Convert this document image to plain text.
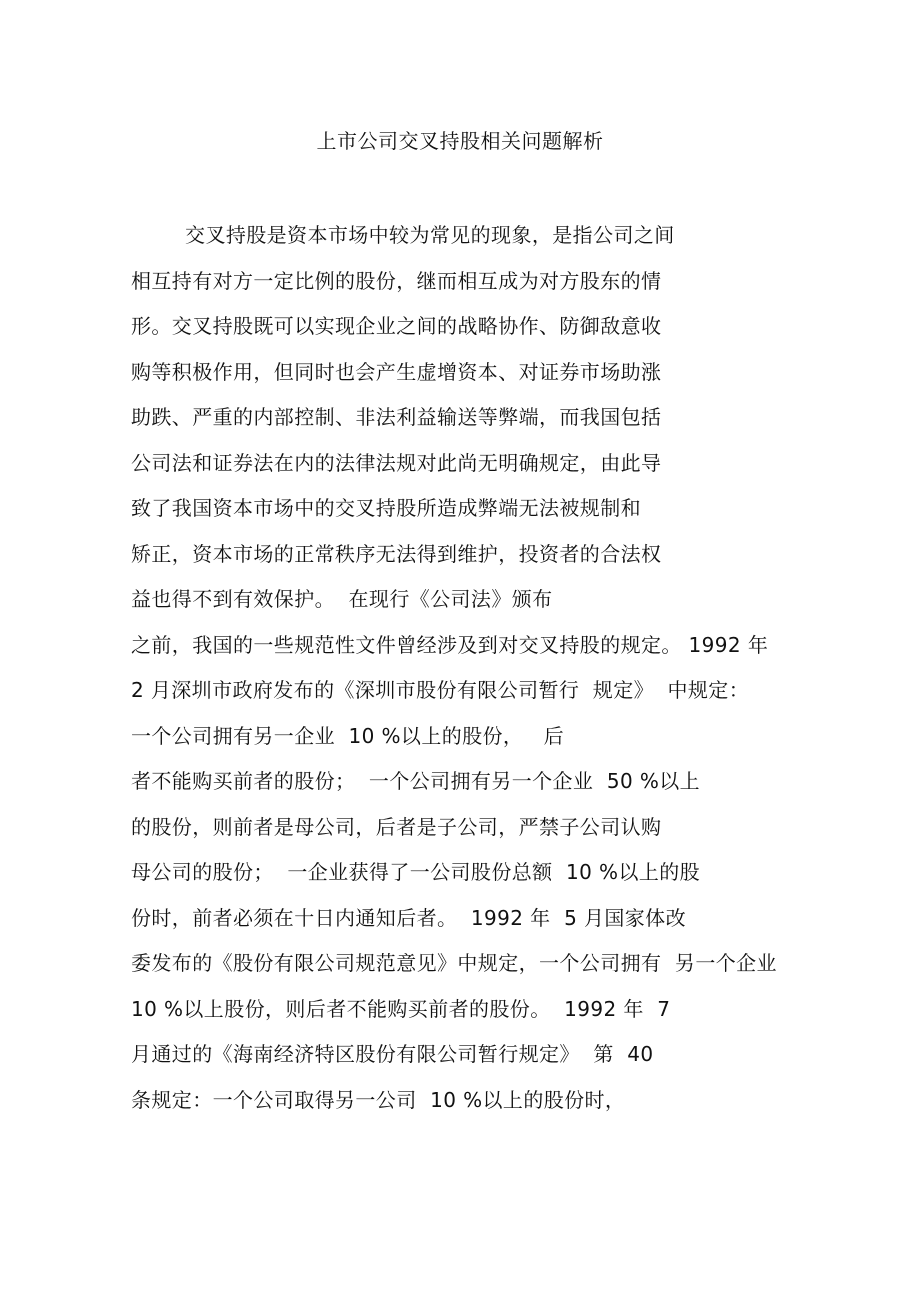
上市公司交叉持股相关问题解析
交叉持股是资本市场中较为常见的现象，是指公司之间
相互持有对方一定比例的股份，继而相互成为对方股东的情
形。交叉持股既可以实现企业之间的战略协作、防御敌意收
购等积极作用，但同时也会产生虚增资本、对证券市场助涨
助跌、严重的内部控制、非法利益输送等弊端，而我国包括
公司法和证券法在内的法律法规对此尚无明确规定，由此导
致了我国资本市场中的交叉持股所造成弊端无法被规制和
矫正，资本市场的正常秩序无法得到维护，投资者的合法权
益也得不到有效保护。  在现行《公司法》颁布
之前，我国的一些规范性文件曾经涉及到对交叉持股的规定。 1992 年
2 月深圳市政府发布的《深圳市股份有限公司暂行  规定》  中规定：
一个公司拥有另一企业  10 %以上的股份，   后
者不能购买前者的股份；  一个公司拥有另一个企业  50 %以上
的股份，则前者是母公司，后者是子公司，严禁子公司认购
母公司的股份；  一企业获得了一公司股份总额  10 %以上的股
份时，前者必须在十日内通知后者。  1992 年  5 月国家体改
委发布的《股份有限公司规范意见》中规定，一个公司拥有  另一个企业
10 %以上股份，则后者不能购买前者的股份。  1992 年  7
月通过的《海南经济特区股份有限公司暂行规定》  第  40
条规定：一个公司取得另一公司  10 %以上的股份时，
